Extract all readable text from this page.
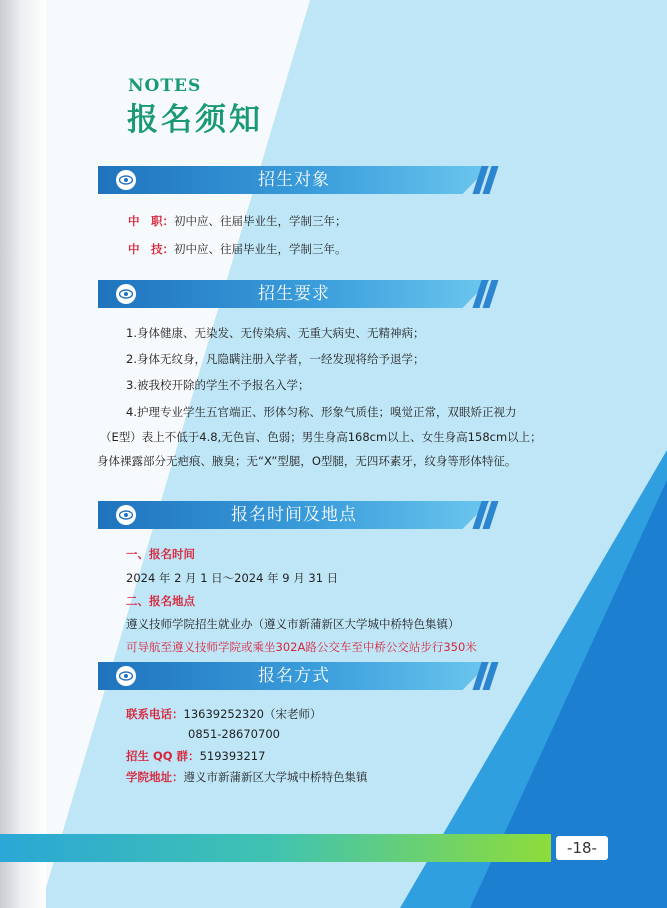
NOTES
报名须知
招生对象
中　职：初中应、往届毕业生，学制三年；
中　技：初中应、往届毕业生，学制三年。
招生要求
1.身体健康、无染发、无传染病、无重大病史、无精神病；
2.身体无纹身，凡隐瞒注册入学者，一经发现将给予退学；
3.被我校开除的学生不予报名入学；
4.护理专业学生五官端正、形体匀称、形象气质佳；嗅觉正常，双眼矫正视力
（E型）表上不低于4.8,无色盲、色弱；男生身高168cm以上、女生身高158cm以上；
身体裸露部分无疤痕、腋臭；无“X”型腿，O型腿，无四环素牙，纹身等形体特征。
报名时间及地点
一、报名时间
2024 年 2 月 1 日～2024 年 9 月 31 日
二、报名地点
遵义技师学院招生就业办（遵义市新蒲新区大学城中桥特色集镇）
可导航至遵义技师学院或乘坐302A路公交车至中桥公交站步行350米
报名方式
联系电话：13639252320（宋老师）
0851-28670700
招生 QQ 群：519393217
学院地址：遵义市新蒲新区大学城中桥特色集镇
-18-
